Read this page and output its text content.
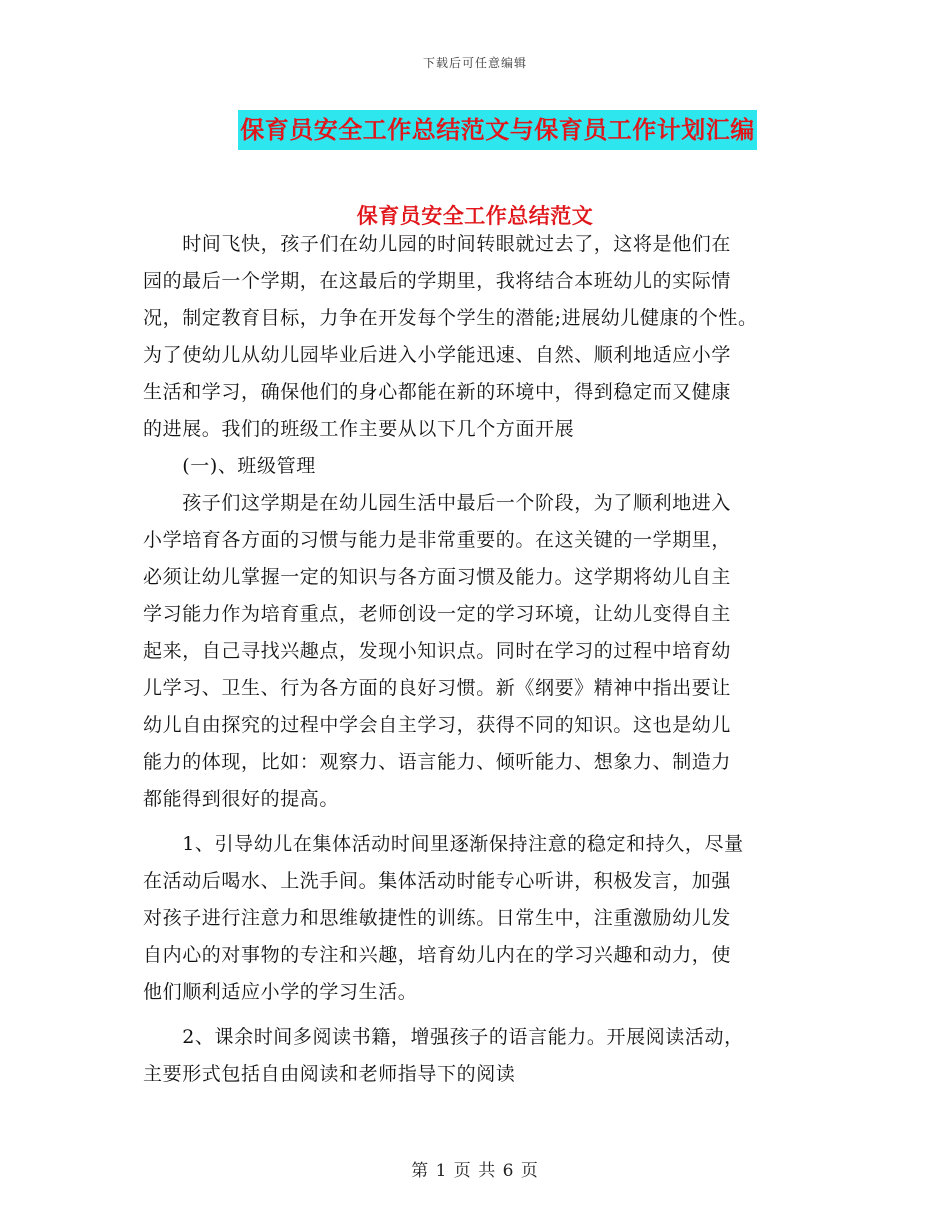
下载后可任意编辑
保育员安全工作总结范文与保育员工作计划汇编
保育员安全工作总结范文

　　时间飞快，孩子们在幼儿园的时间转眼就过去了，这将是他们在
园的最后一个学期，在这最后的学期里，我将结合本班幼儿的实际情
况，制定教育目标，力争在开发每个学生的潜能;进展幼儿健康的个性。
为了使幼儿从幼儿园毕业后进入小学能迅速、自然、顺利地适应小学
生活和学习，确保他们的身心都能在新的环境中，得到稳定而又健康
的进展。我们的班级工作主要从以下几个方面开展

　　(一)、班级管理

　　孩子们这学期是在幼儿园生活中最后一个阶段，为了顺利地进入
小学培育各方面的习惯与能力是非常重要的。在这关键的一学期里，
必须让幼儿掌握一定的知识与各方面习惯及能力。这学期将幼儿自主
学习能力作为培育重点，老师创设一定的学习环境，让幼儿变得自主
起来，自己寻找兴趣点，发现小知识点。同时在学习的过程中培育幼
儿学习、卫生、行为各方面的良好习惯。新《纲要》精神中指出要让
幼儿自由探究的过程中学会自主学习，获得不同的知识。这也是幼儿
能力的体现，比如：观察力、语言能力、倾听能力、想象力、制造力
都能得到很好的提高。

　　1、引导幼儿在集体活动时间里逐渐保持注意的稳定和持久，尽量
在活动后喝水、上洗手间。集体活动时能专心听讲，积极发言，加强
对孩子进行注意力和思维敏捷性的训练。日常生中，注重激励幼儿发
自内心的对事物的专注和兴趣，培育幼儿内在的学习兴趣和动力，使
他们顺利适应小学的学习生活。

　　2、课余时间多阅读书籍，增强孩子的语言能力。开展阅读活动，
主要形式包括自由阅读和老师指导下的阅读

第 1 页 共 6 页
